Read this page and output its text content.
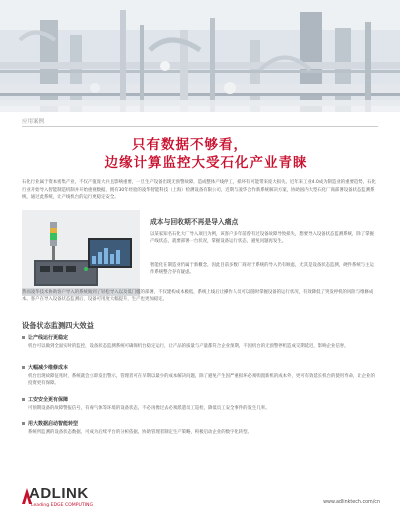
应用案例
只有数据不够看，
边缘计算监控大受石化产业青睐
石化行业属于资本密集产业，不仅产值庞大兵且影响重要，一旦生产设备出现无预警故障，造成整体产线停工，损坏有可能带来庞大损失。近年来工业4.0成为制造业的重要趋势，石化行业开始导入智能制造机制并开始重视数据，拥有30年经验的凌华智能科技（上海）检测设备有限公司，近期与凌华合作新系统解决方案，协助国内大型石化厂商部署设备状态监测系统，通过此系统，让产线机台的运行更稳定安全。
成本与回收期不再是导入痛点
以某家知名石化大厂导入项目为例，该客户多年前曾有过设备故障导致损失，想要导入设备状态监测系统，除了掌握产线状态，就要部署一台状况，掌握设备运行状态，避免问题再发生。
智能化在制造业仍属于新概念，因此目前多数厂商对于系统的导入仍有顾虑，尤其是设备状态监测，硬件系统与主运作系统整合存有疑虑。
然而凌华技术协助客户导入的系统做到了轻松导入以及低门槛的部署，不仅建构成本极低，系统上线后让操作人员可以随时掌握设备的运行状况，有效降低了突发停机的风险与维修成本。客户在导入设备状态监测后，设备可用度大幅提升，生产也更加稳定。
设备状态监测四大效益
让产线运行更稳定
机台可以做到全面实时的监控，设备状态监测系统可确保机台稳定运行，让产品的质量与产量都符合企业预期，不因机台的无预警停机造成交期延迟，影响企业信誉。
大幅减少维修成本
机台出现故障征兆时，系统就会立即发出警示，管理者可在早期以最少的成本解决问题，除了避免产生因严重损坏必须购置新机的成本外，更可有效延长机台的使用寿命，让企业的投资更有保障。
工安安全更有保障
可预期设备的故障警报信号，有毒气体等环境的设备状态，不必再像过去必须派遣员工巡检，降低员工安全事件的发生几率。
用大数据启动智能转型
系统所监测的设备状态数据，可成为后续平台的分析依据，协助管理者制定生产策略，积极启动企业的数字化转型。
ADLINK
Leading EDGE COMPUTING
www.adlinktech.com/cn
